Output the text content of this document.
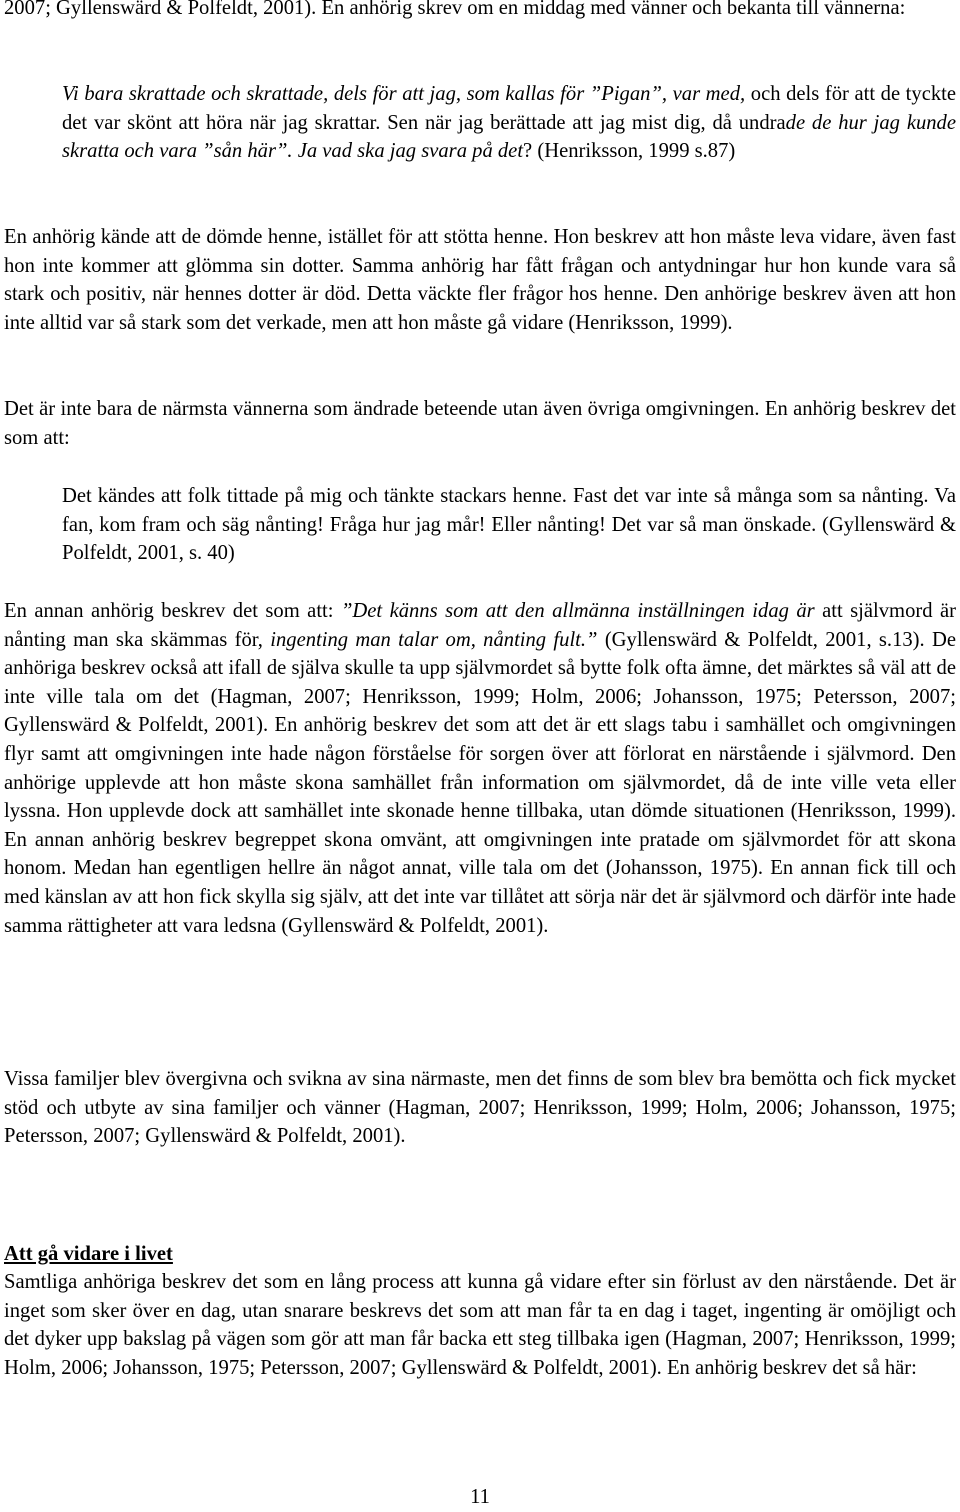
2007; Gyllenswärd & Polfeldt, 2001). En anhörig skrev om en middag med vänner och bekanta till vännerna:

Vi bara skrattade och skrattade, dels för att jag, som kallas för ”Pigan”, var med, och dels för att de tyckte det var skönt att höra när jag skrattar. Sen när jag berättade att jag mist dig, då undrade de hur jag kunde skratta och vara ”sån här”. Ja vad ska jag svara på det? (Henriksson, 1999 s.87)

En anhörig kände att de dömde henne, istället för att stötta henne. Hon beskrev att hon måste leva vidare, även fast hon inte kommer att glömma sin dotter. Samma anhörig har fått frågan och antydningar hur hon kunde vara så stark och positiv, när hennes dotter är död. Detta väckte fler frågor hos henne. Den anhörige beskrev även att hon inte alltid var så stark som det verkade, men att hon måste gå vidare (Henriksson, 1999).

Det är inte bara de närmsta vännerna som ändrade beteende utan även övriga omgivningen. En anhörig beskrev det som att:

Det kändes att folk tittade på mig och tänkte stackars henne. Fast det var inte så många som sa nånting. Va fan, kom fram och säg nånting! Fråga hur jag mår! Eller nånting! Det var så man önskade. (Gyllenswärd & Polfeldt, 2001, s. 40)

En annan anhörig beskrev det som att: ”Det känns som att den allmänna inställningen idag är att självmord är nånting man ska skämmas för, ingenting man talar om, nånting fult.” (Gyllenswärd & Polfeldt, 2001, s.13). De anhöriga beskrev också att ifall de själva skulle ta upp självmordet så bytte folk ofta ämne, det märktes så väl att de inte ville tala om det (Hagman, 2007; Henriksson, 1999; Holm, 2006; Johansson, 1975; Petersson, 2007; Gyllenswärd & Polfeldt, 2001). En anhörig beskrev det som att det är ett slags tabu i samhället och omgivningen flyr samt att omgivningen inte hade någon förståelse för sorgen över att förlorat en närstående i självmord. Den anhörige upplevde att hon måste skona samhället från information om självmordet, då de inte ville veta eller lyssna. Hon upplevde dock att samhället inte skonade henne tillbaka, utan dömde situationen (Henriksson, 1999). En annan anhörig beskrev begreppet skona omvänt, att omgivningen inte pratade om självmordet för att skona honom. Medan han egentligen hellre än något annat, ville tala om det (Johansson, 1975). En annan fick till och med känslan av att hon fick skylla sig själv, att det inte var tillåtet att sörja när det är självmord och därför inte hade samma rättigheter att vara ledsna (Gyllenswärd & Polfeldt, 2001).

Vissa familjer blev övergivna och svikna av sina närmaste, men det finns de som blev bra bemötta och fick mycket stöd och utbyte av sina familjer och vänner (Hagman, 2007; Henriksson, 1999; Holm, 2006; Johansson, 1975; Petersson, 2007; Gyllenswärd & Polfeldt, 2001).

Att gå vidare i livet

Samtliga anhöriga beskrev det som en lång process att kunna gå vidare efter sin förlust av den närstående. Det är inget som sker över en dag, utan snarare beskrevs det som att man får ta en dag i taget, ingenting är omöjligt och det dyker upp bakslag på vägen som gör att man får backa ett steg tillbaka igen (Hagman, 2007; Henriksson, 1999; Holm, 2006; Johansson, 1975; Petersson, 2007; Gyllenswärd & Polfeldt, 2001). En anhörig beskrev det så här:

11
